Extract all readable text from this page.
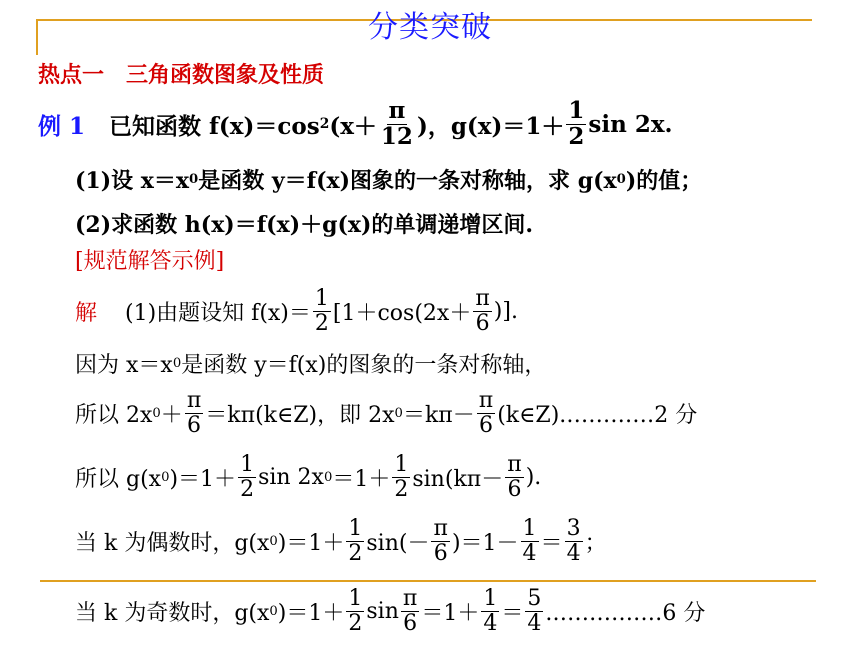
分类突破
热点一　三角函数图象及性质
例 1 已知函数 f(x)＝cos 2 ($x+ \frac{\pi}{12}$ )，$g(x)=1+ \frac{1}{2}$ sin 2x.
(1)设 x＝x 0 是函数 y＝f(x)图象的一条对称轴，求 g(x 0 )的值；
(2)求函数 h(x)＝f(x)＋g(x)的单调递增区间.
[规范解答示例]
解 (1)由题设知 $f(x)= \frac{1}{2} [1+\cos(2x+ \frac{\pi}{6}$ )].
因为 x＝x 0 是函数 y＝f(x)的图象的一条对称轴，
所以 2x $0 + \frac{\pi}{6}$ ＝kπ(k∈Z)，即 2x $0 =k\pi- \frac{\pi}{6}$ (k∈Z).…………2 分
所以 g(x 0 )$=1+ \frac{1}{2}$ sin 2x $0 =1+ \frac{1}{2} \sin(k\pi- \frac{\pi}{6}$ ).
当 k 为偶数时，g(x 0 )$=1+ \frac{1}{2} \sin(- \frac{\pi}{6} )=1- \frac{1}{4} = \frac{3}{4}$ ；
当 k 为奇数时，g(x 0 )$=1+ \frac{1}{2}$ $\sin \frac{\pi}{6} =1+ \frac{1}{4} = \frac{5}{4}$ .……………6 分
